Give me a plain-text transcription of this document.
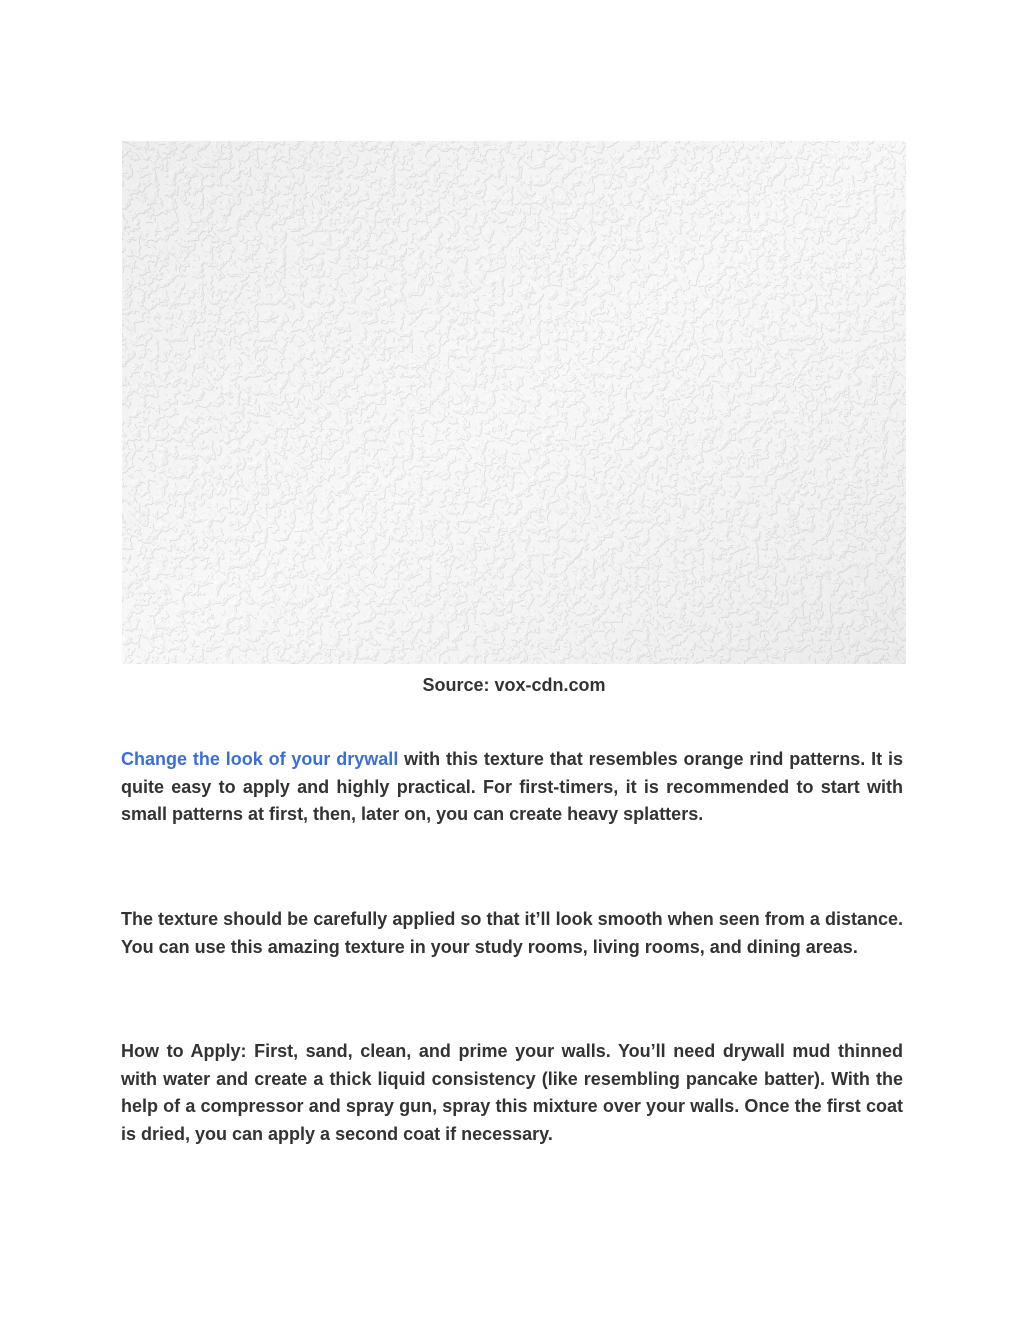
Source: vox-cdn.com

Change the look of your drywall with this texture that resembles orange rind patterns. It is quite easy to apply and highly practical. For first-timers, it is recommended to start with small patterns at first, then, later on, you can create heavy splatters.

The texture should be carefully applied so that it’ll look smooth when seen from a distance. You can use this amazing texture in your study rooms, living rooms, and dining areas.

How to Apply: First, sand, clean, and prime your walls. You’ll need drywall mud thinned with water and create a thick liquid consistency (like resembling pancake batter). With the help of a compressor and spray gun, spray this mixture over your walls. Once the first coat is dried, you can apply a second coat if necessary.
